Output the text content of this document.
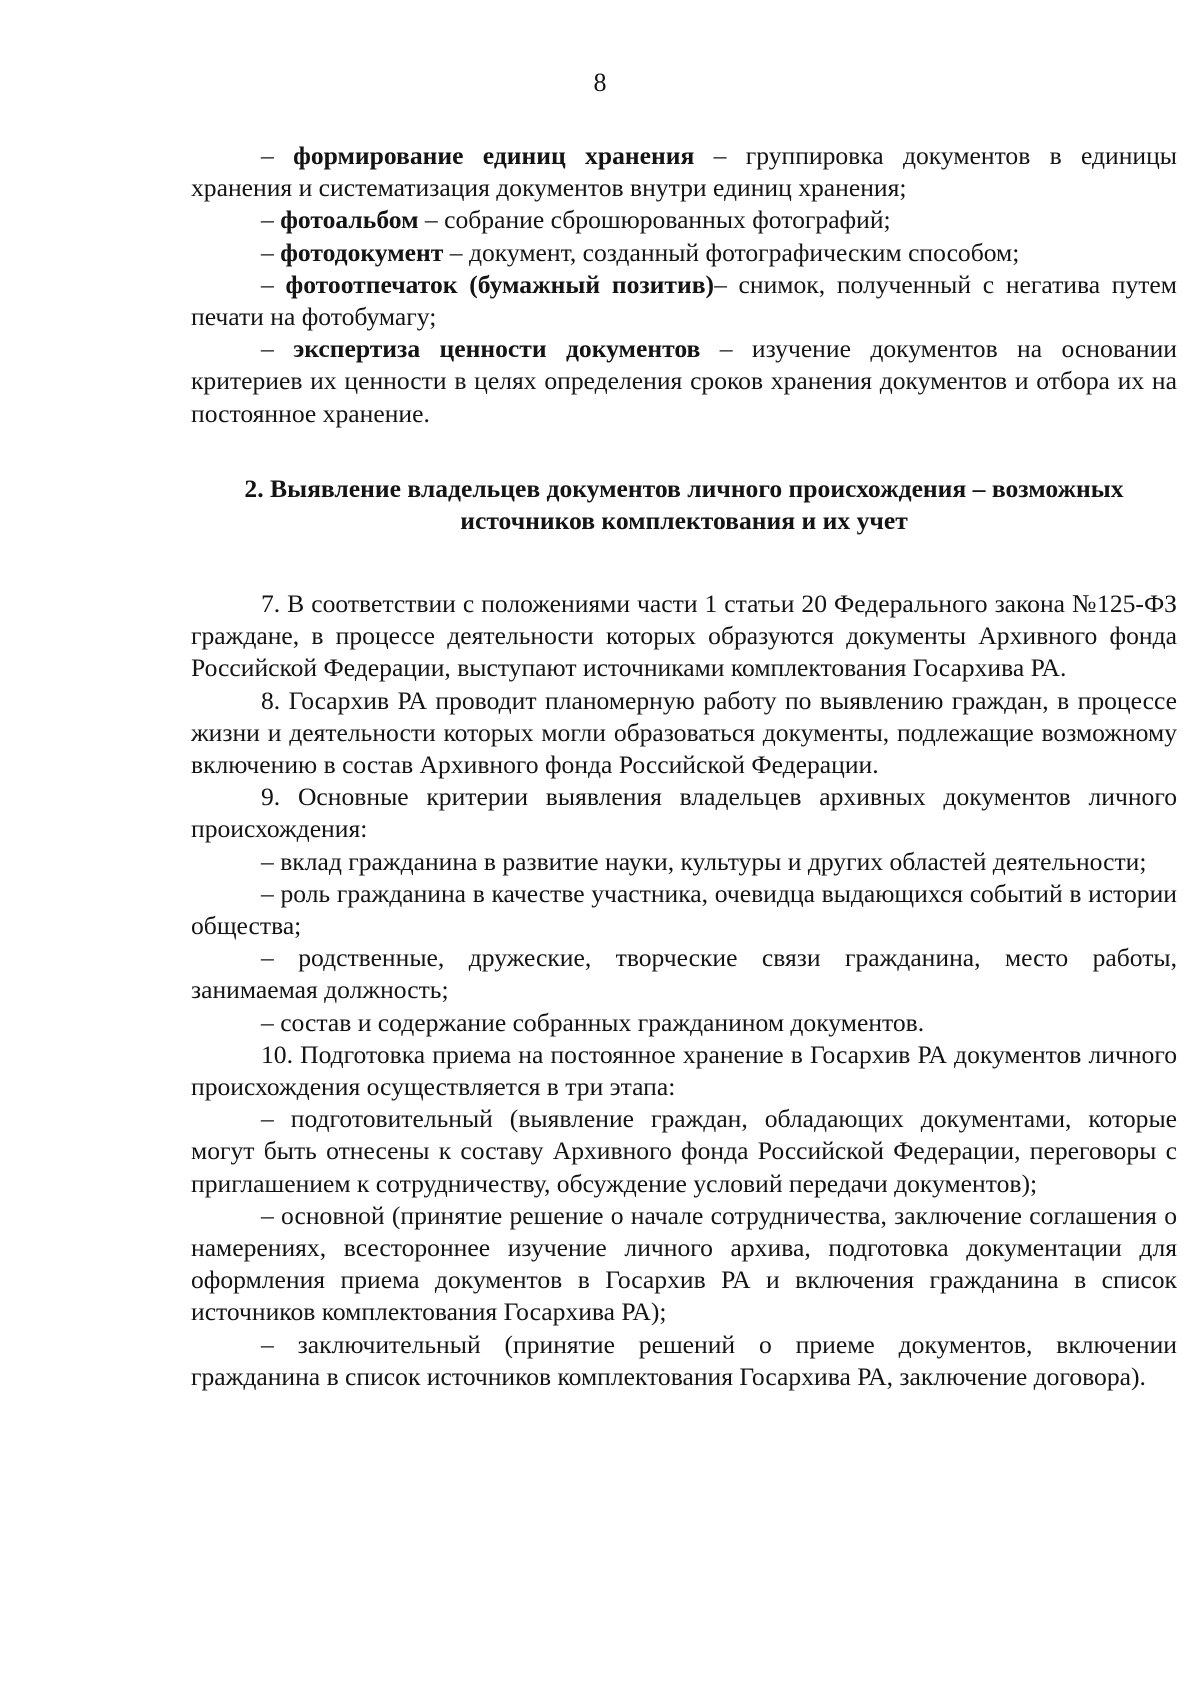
8

– формирование единиц хранения – группировка документов в единицы хранения и систематизация документов внутри единиц хранения;

– фотоальбом – собрание сброшюрованных фотографий;

– фотодокумент – документ, созданный фотографическим способом;

– фотоотпечаток (бумажный позитив)– снимок, полученный с негатива путем печати на фотобумагу;

– экспертиза ценности документов – изучение документов на основании критериев их ценности в целях определения сроков хранения документов и отбора их на постоянное хранение.

2. Выявление владельцев документов личного происхождения – возможных
источников комплектования и их учет

7. В соответствии с положениями части 1 статьи 20 Федерального закона №125-ФЗ граждане, в процессе деятельности которых образуются документы Архивного фонда Российской Федерации, выступают источниками комплектования Госархива РА.

8. Госархив РА проводит планомерную работу по выявлению граждан, в процессе жизни и деятельности которых могли образоваться документы, подлежащие возможному включению в состав Архивного фонда Российской Федерации.

9. Основные критерии выявления владельцев архивных документов личного происхождения:

– вклад гражданина в развитие науки, культуры и других областей деятельности;

– роль гражданина в качестве участника, очевидца выдающихся событий в истории общества;

– родственные, дружеские, творческие связи гражданина, место работы, занимаемая должность;

– состав и содержание собранных гражданином документов.

10. Подготовка приема на постоянное хранение в Госархив РА документов личного происхождения осуществляется в три этапа:

– подготовительный (выявление граждан, обладающих документами, которые могут быть отнесены к составу Архивного фонда Российской Федерации, переговоры с приглашением к сотрудничеству, обсуждение условий передачи документов);

– основной (принятие решение о начале сотрудничества, заключение соглашения о намерениях, всестороннее изучение личного архива, подготовка документации для оформления приема документов в Госархив РА и включения гражданина в список источников комплектования Госархива РА);

– заключительный (принятие решений о приеме документов, включении гражданина в список источников комплектования Госархива РА, заключение договора).
